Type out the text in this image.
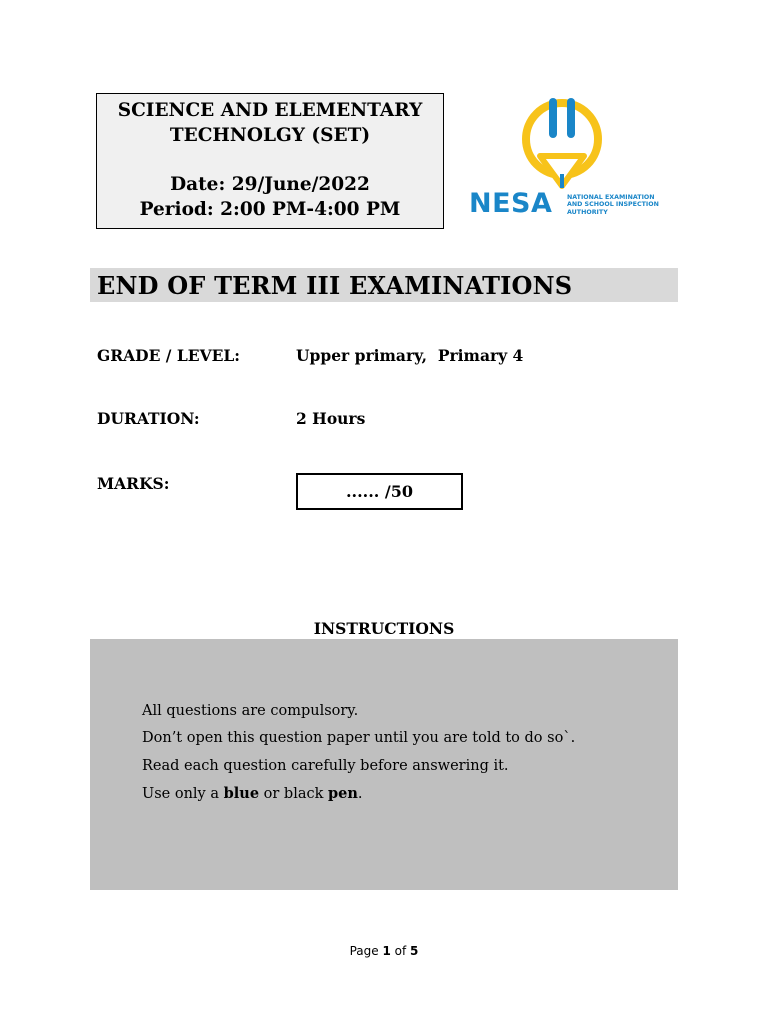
SCIENCE AND ELEMENTARY
TECHNOLGY (SET)
Date: 29/June/2022
Period: 2:00 PM-4:00 PM	NESA NATIONAL EXAMINATION
AND SCHOOL INSPECTION
AUTHORITY
END OF TERM III EXAMINATIONS
GRADE / LEVEL:	Upper primary,  Primary 4
DURATION:	2 Hours
MARKS:	...... /50
INSTRUCTIONS
All questions are compulsory.
Don’t open this question paper until you are told to do so`.
Read each question carefully before answering it.
Use only a blue or black pen.
Page 1 of 5
